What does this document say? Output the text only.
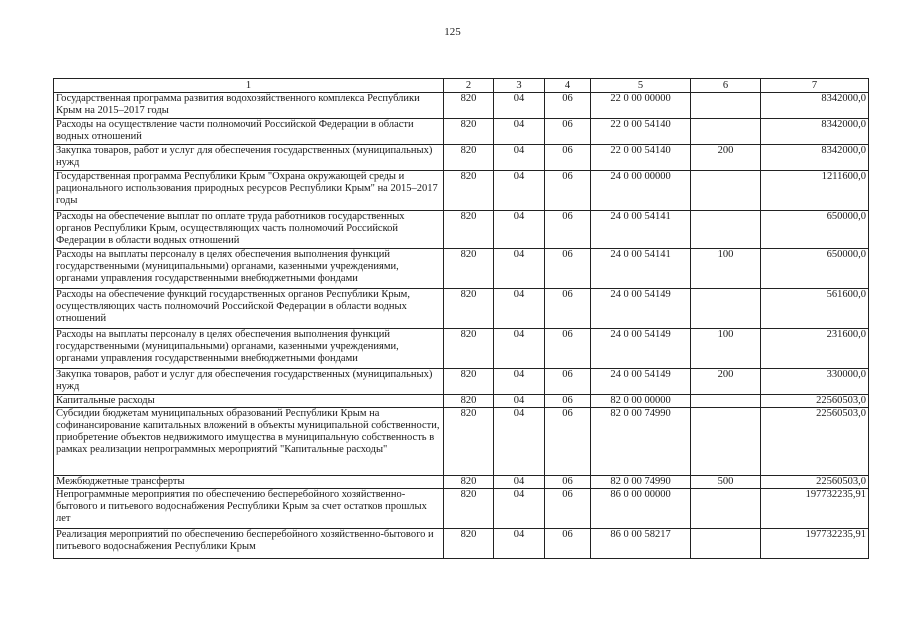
125
1	2	3	4	5	6	7
Государственная программа развития водохозяйственного комплекса Республики Крым на 2015–2017 годы	820	04	06	22 0 00 00000		8342000,0
Расходы на осуществление части полномочий Российской Федерации в области водных отношений	820	04	06	22 0 00 54140		8342000,0
Закупка товаров, работ и услуг для обеспечения государственных (муниципальных) нужд	820	04	06	22 0 00 54140	200	8342000,0
Государственная программа Республики Крым "Охрана окружающей среды и рационального использования природных ресурсов Республики Крым" на 2015–2017 годы	820	04	06	24 0 00 00000		1211600,0
Расходы на обеспечение выплат по оплате труда работников государственных органов Республики Крым, осуществляющих часть полномочий Российской Федерации в области водных отношений	820	04	06	24 0 00 54141		650000,0
Расходы на выплаты персоналу в целях обеспечения выполнения функций государственными (муниципальными) органами, казенными учреждениями, органами управления государственными внебюджетными фондами	820	04	06	24 0 00 54141	100	650000,0
Расходы на обеспечение функций государственных органов Республики Крым, осуществляющих часть полномочий Российской Федерации в области водных отношений	820	04	06	24 0 00 54149		561600,0
Расходы на выплаты персоналу в целях обеспечения выполнения функций государственными (муниципальными) органами, казенными учреждениями, органами управления государственными внебюджетными фондами	820	04	06	24 0 00 54149	100	231600,0
Закупка товаров, работ и услуг для обеспечения государственных (муниципальных) нужд	820	04	06	24 0 00 54149	200	330000,0
Капитальные расходы	820	04	06	82 0 00 00000		22560503,0
Субсидии бюджетам муниципальных образований Республики Крым на софинансирование капитальных вложений в объекты муниципальной собственности, приобретение объектов недвижимого имущества в муниципальную собственность в рамках реализации непрограммных мероприятий "Капитальные расходы"	820	04	06	82 0 00 74990		22560503,0
Межбюджетные трансферты	820	04	06	82 0 00 74990	500	22560503,0
Непрограммные мероприятия по обеспечению бесперебойного хозяйственно-бытового и питьевого водоснабжения Республики Крым за счет остатков прошлых лет	820	04	06	86 0 00 00000		197732235,91
Реализация мероприятий по обеспечению бесперебойного хозяйственно-бытового и питьевого водоснабжения Республики Крым	820	04	06	86 0 00 58217		197732235,91
